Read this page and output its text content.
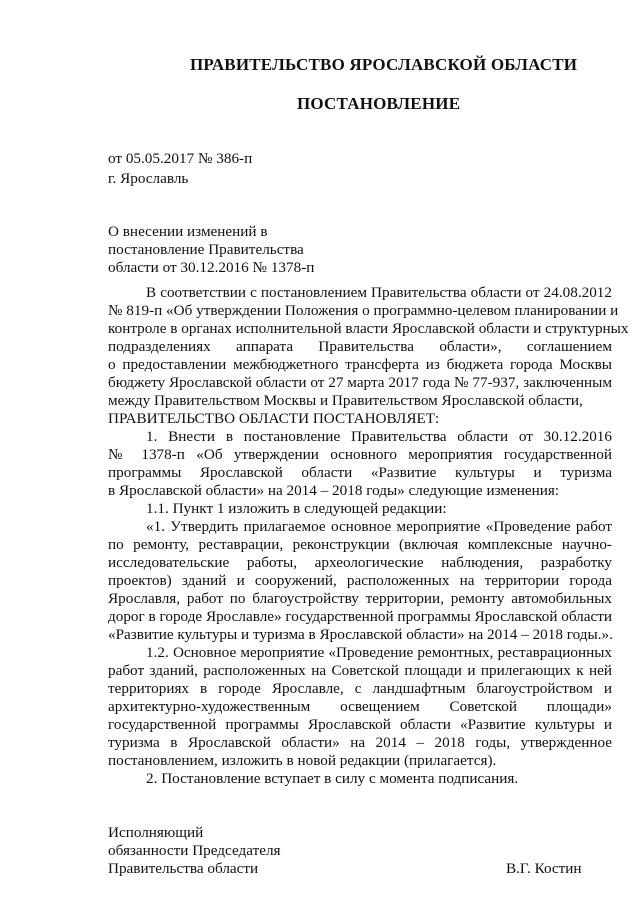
ПРАВИТЕЛЬСТВО ЯРОСЛАВСКОЙ ОБЛАСТИ
ПОСТАНОВЛЕНИЕ
от 05.05.2017 № 386-п
г. Ярославль
О внесении изменений в
постановление Правительства
области от 30.12.2016 № 1378-п
В соответствии с постановлением Правительства области от 24.08.2012
№ 819-п «Об утверждении Положения о программно-целевом планировании и
контроле в органах исполнительной власти Ярославской области и структурных
подразделениях аппарата Правительства области», соглашением
о предоставлении межбюджетного трансферта из бюджета города Москвы
бюджету Ярославской области от 27 марта 2017 года № 77-937, заключенным
между Правительством Москвы и Правительством Ярославской области,
ПРАВИТЕЛЬСТВО ОБЛАСТИ ПОСТАНОВЛЯЕТ:
1. Внести в постановление Правительства области от 30.12.2016
№ 1378-п «Об утверждении основного мероприятия государственной
программы Ярославской области «Развитие культуры и туризма
в Ярославской области» на 2014 – 2018 годы» следующие изменения:
1.1. Пункт 1 изложить в следующей редакции:
«1. Утвердить прилагаемое основное мероприятие «Проведение работ
по ремонту, реставрации, реконструкции (включая комплексные научно-
исследовательские работы, археологические наблюдения, разработку
проектов) зданий и сооружений, расположенных на территории города
Ярославля, работ по благоустройству территории, ремонту автомобильных
дорог в городе Ярославле» государственной программы Ярославской области
«Развитие культуры и туризма в Ярославской области» на 2014 – 2018 годы.».
1.2. Основное мероприятие «Проведение ремонтных, реставрационных
работ зданий, расположенных на Советской площади и прилегающих к ней
территориях в городе Ярославле, с ландшафтным благоустройством и
архитектурно-художественным освещением Советской площади»
государственной программы Ярославской области «Развитие культуры и
туризма в Ярославской области» на 2014 – 2018 годы, утвержденное
постановлением, изложить в новой редакции (прилагается).
2. Постановление вступает в силу с момента подписания.
Исполняющий
обязанности Председателя
Правительства области	В.Г. Костин
